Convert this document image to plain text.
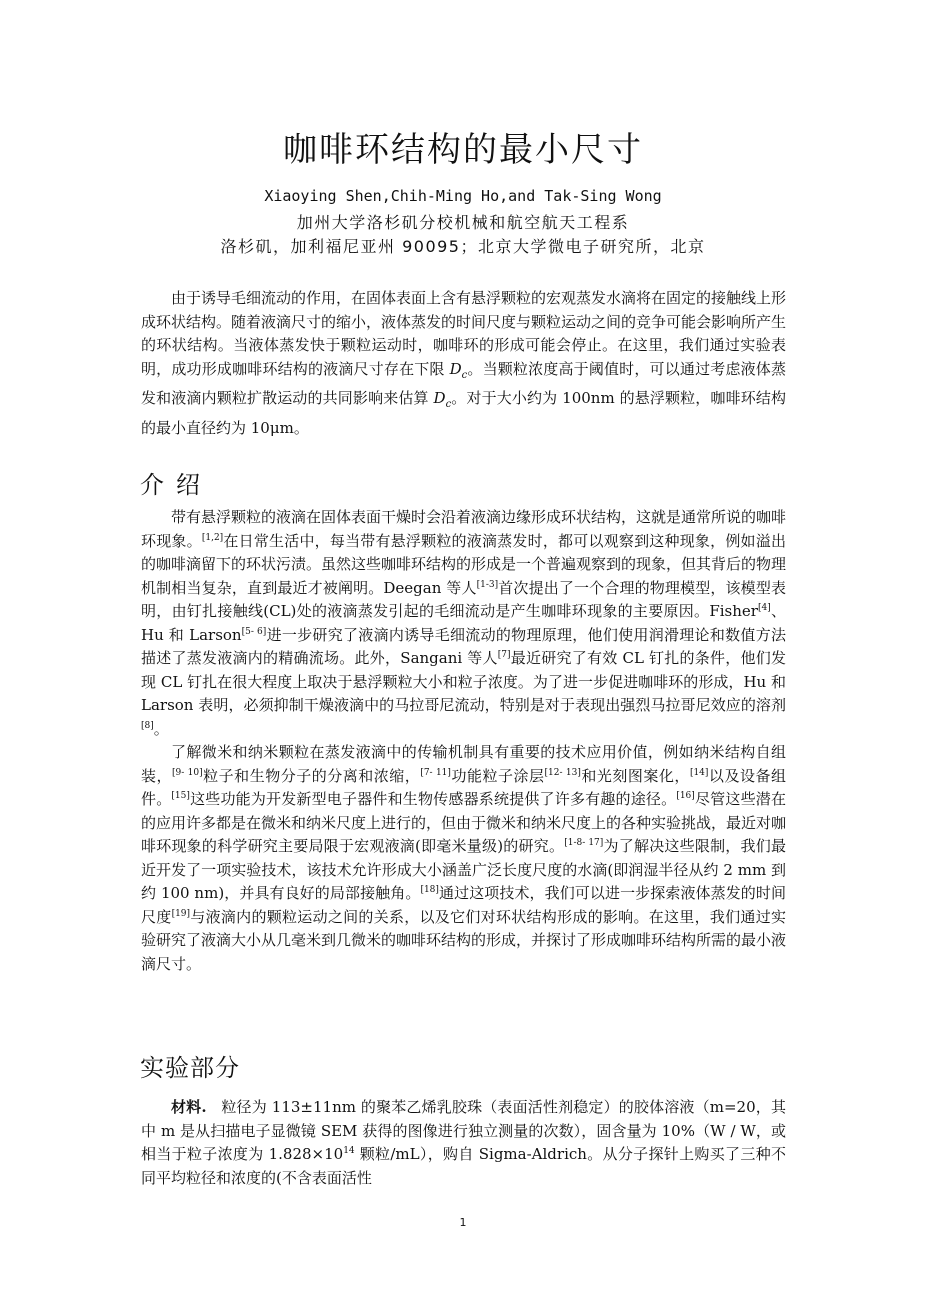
咖啡环结构的最小尺寸
Xiaoying Shen,Chih-Ming Ho,and Tak-Sing Wong
加州大学洛杉矶分校机械和航空航天工程系
洛杉矶，加利福尼亚州 90095；北京大学微电子研究所，北京

由于诱导毛细流动的作用，在固体表面上含有悬浮颗粒的宏观蒸发水滴将在固定的接触线上形成环状结构。随着液滴尺寸的缩小，液体蒸发的时间尺度与颗粒运动之间的竞争可能会影响所产生的环状结构。当液体蒸发快于颗粒运动时，咖啡环的形成可能会停止。在这里，我们通过实验表明，成功形成咖啡环结构的液滴尺寸存在下限 $D_c$。当颗粒浓度高于阈值时，可以通过考虑液体蒸发和液滴内颗粒扩散运动的共同影响来估算 $D_c$。对于大小约为 100nm 的悬浮颗粒，咖啡环结构的最小直径约为 10μm。

介绍

带有悬浮颗粒的液滴在固体表面干燥时会沿着液滴边缘形成环状结构，这就是通常所说的咖啡环现象。[1,2]在日常生活中，每当带有悬浮颗粒的液滴蒸发时，都可以观察到这种现象，例如溢出的咖啡滴留下的环状污渍。虽然这些咖啡环结构的形成是一个普遍观察到的现象，但其背后的物理机制相当复杂，直到最近才被阐明。Deegan 等人[1-3]首次提出了一个合理的物理模型，该模型表明，由钉扎接触线(CL)处的液滴蒸发引起的毛细流动是产生咖啡环现象的主要原因。Fisher[4]、Hu 和 Larson[5- 6]进一步研究了液滴内诱导毛细流动的物理原理，他们使用润滑理论和数值方法描述了蒸发液滴内的精确流场。此外，Sangani 等人[7]最近研究了有效 CL 钉扎的条件，他们发现 CL 钉扎在很大程度上取决于悬浮颗粒大小和粒子浓度。为了进一步促进咖啡环的形成，Hu 和 Larson 表明，必须抑制干燥液滴中的马拉哥尼流动，特别是对于表现出强烈马拉哥尼效应的溶剂[8]。

了解微米和纳米颗粒在蒸发液滴中的传输机制具有重要的技术应用价值，例如纳米结构自组装，[9- 10]粒子和生物分子的分离和浓缩，[7- 11]功能粒子涂层[12- 13]和光刻图案化，[14]以及设备组件。[15]这些功能为开发新型电子器件和生物传感器系统提供了许多有趣的途径。[16]尽管这些潜在的应用许多都是在微米和纳米尺度上进行的，但由于微米和纳米尺度上的各种实验挑战，最近对咖啡环现象的科学研究主要局限于宏观液滴(即毫米量级)的研究。[1-8- 17]为了解决这些限制，我们最近开发了一项实验技术，该技术允许形成大小涵盖广泛长度尺度的水滴(即润湿半径从约 2 mm 到约 100 nm)，并具有良好的局部接触角。[18]通过这项技术，我们可以进一步探索液体蒸发的时间尺度[19]与液滴内的颗粒运动之间的关系，以及它们对环状结构形成的影响。在这里，我们通过实验研究了液滴大小从几毫米到几微米的咖啡环结构的形成，并探讨了形成咖啡环结构所需的最小液滴尺寸。

实验部分

材料.   粒径为 113±11nm 的聚苯乙烯乳胶珠（表面活性剂稳定）的胶体溶液（m=20，其中 m 是从扫描电子显微镜 SEM 获得的图像进行独立测量的次数），固含量为 10%（W / W，或相当于粒子浓度为 $1.828\times 10^{14}$ 颗粒/mL），购自 Sigma-Aldrich。从分子探针上购买了三种不同平均粒径和浓度的(不含表面活性

1
